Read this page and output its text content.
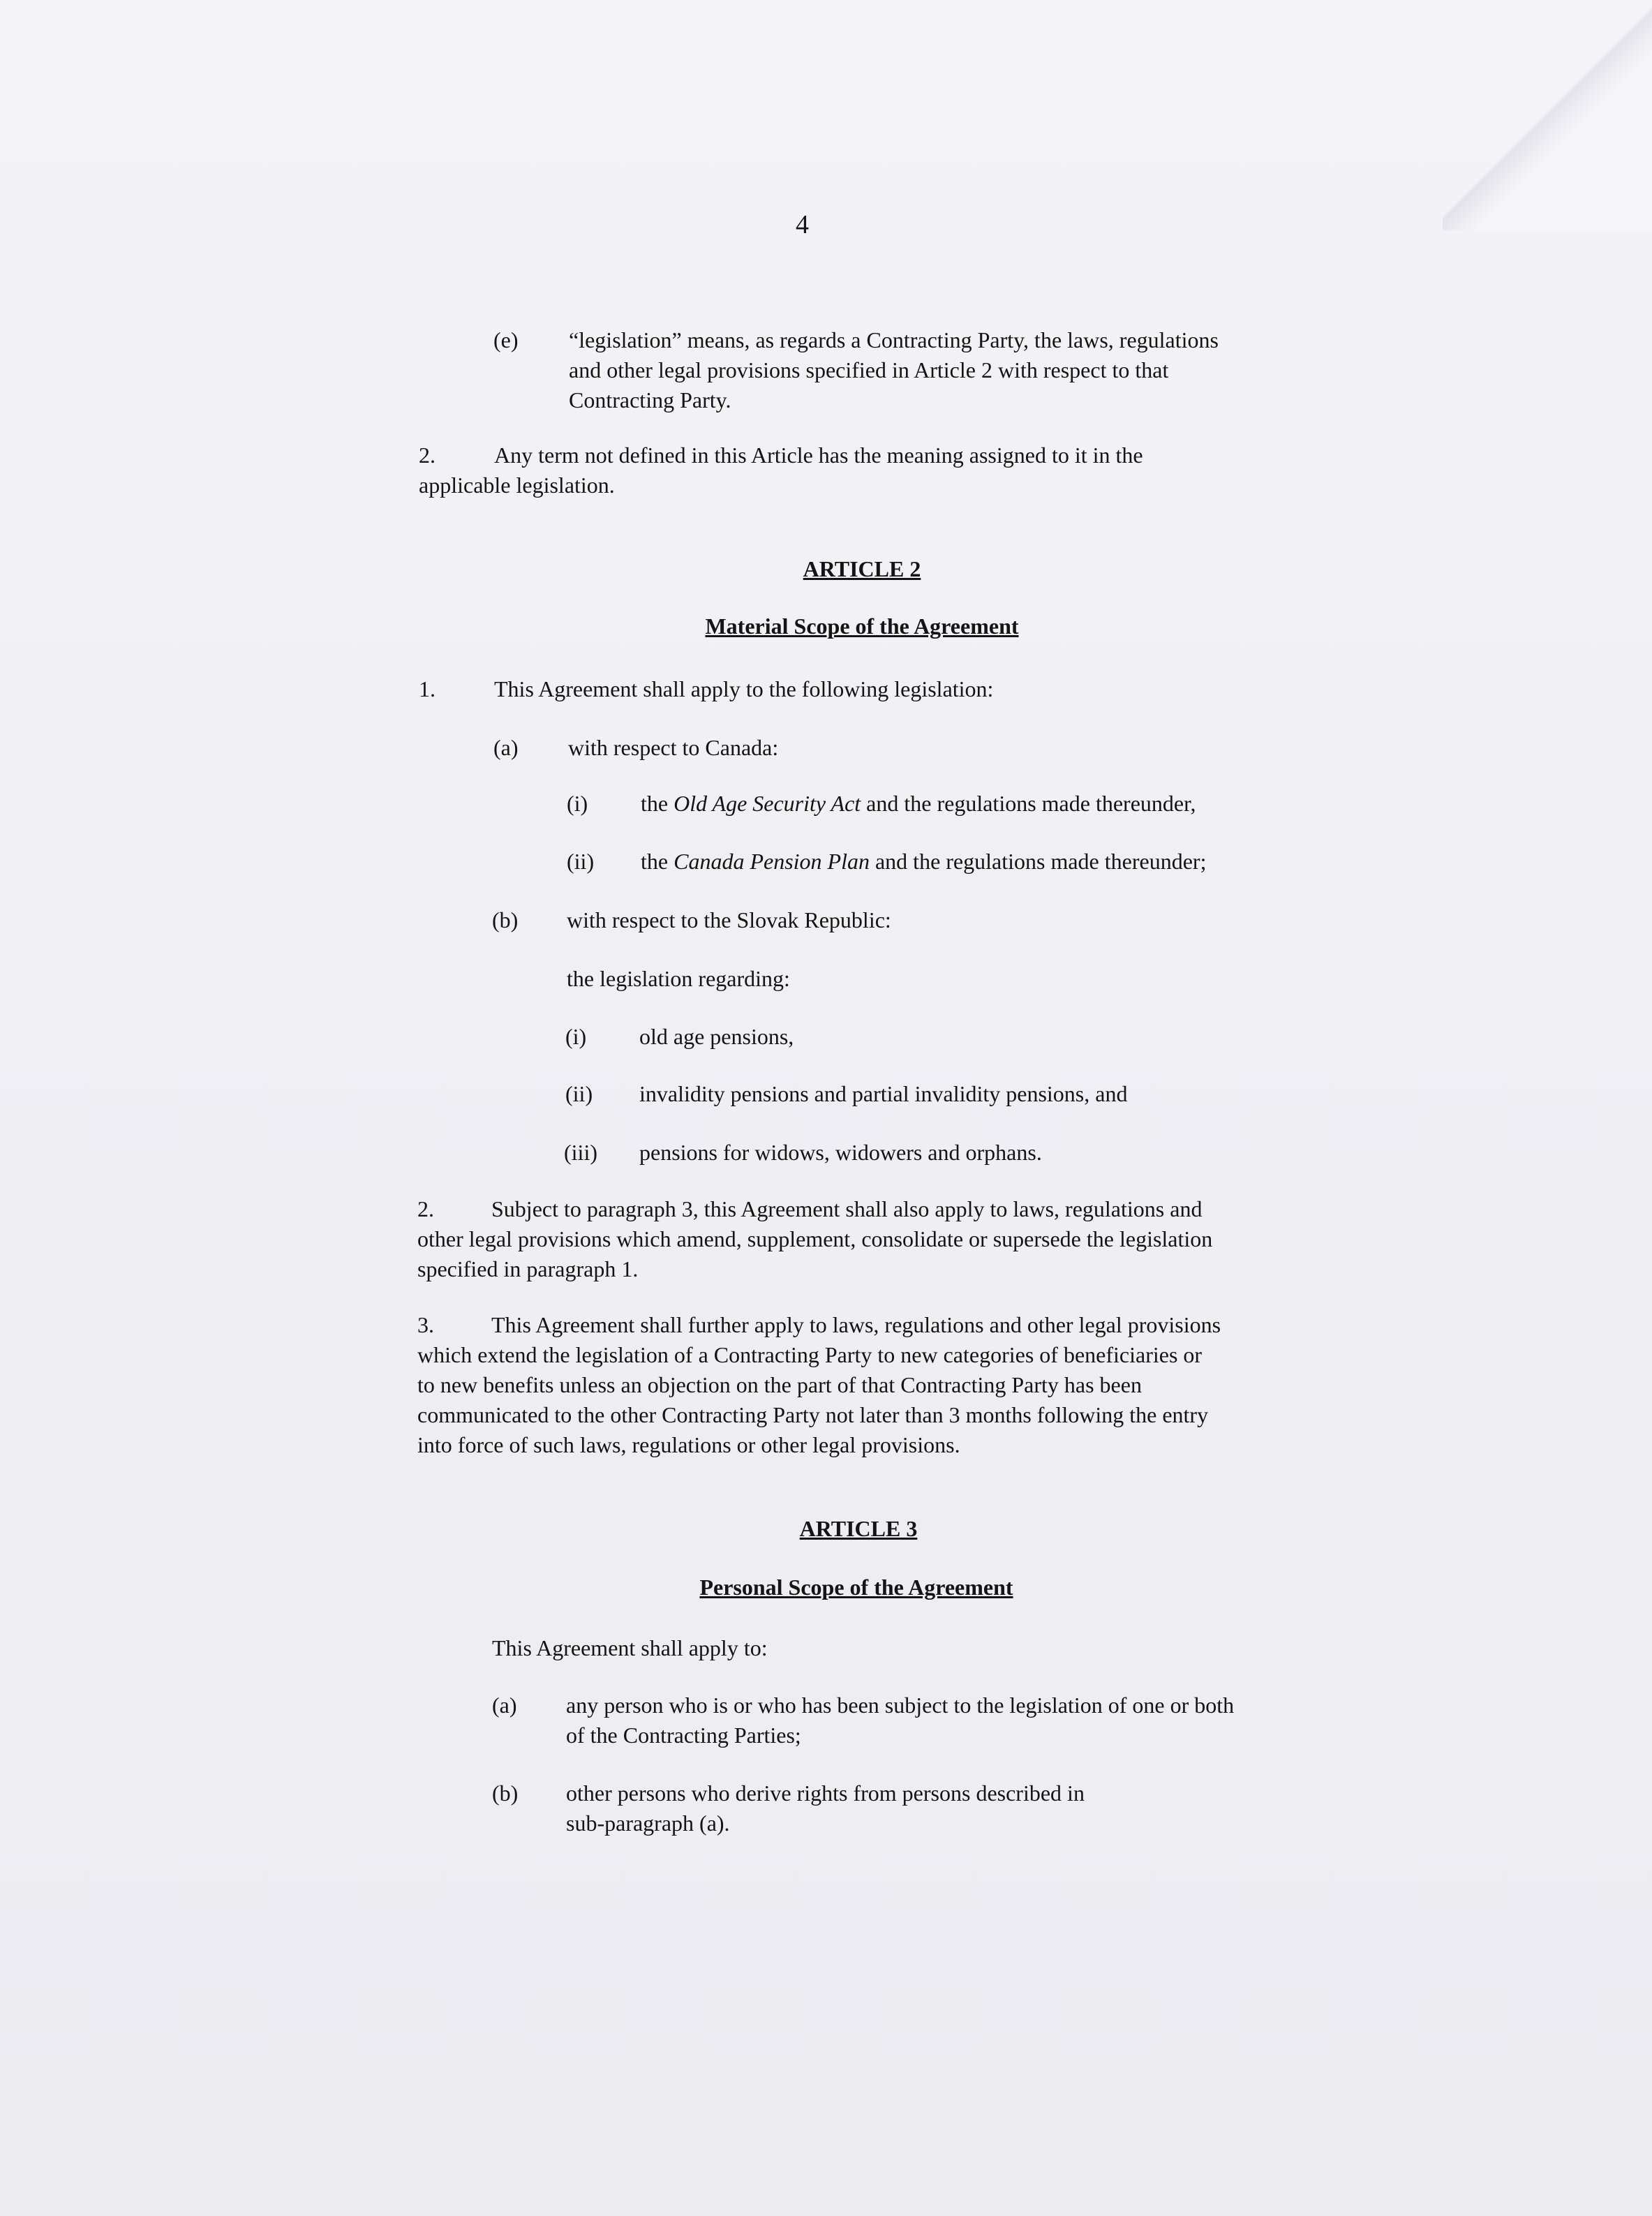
4
(e) “legislation” means, as regards a Contracting Party, the laws, regulations
and other legal provisions specified in Article 2 with respect to that
Contracting Party.
2.	Any term not defined in this Article has the meaning assigned to it in the
applicable legislation.
ARTICLE 2
Material Scope of the Agreement
1.	This Agreement shall apply to the following legislation:
(a) with respect to Canada:
(i) the Old Age Security Act and the regulations made thereunder,
(ii) the Canada Pension Plan and the regulations made thereunder;
(b) with respect to the Slovak Republic:
the legislation regarding:
(i) old age pensions,
(ii) invalidity pensions and partial invalidity pensions, and
(iii) pensions for widows, widowers and orphans.
2.	Subject to paragraph 3, this Agreement shall also apply to laws, regulations and
other legal provisions which amend, supplement, consolidate or supersede the legislation
specified in paragraph 1.
3.	This Agreement shall further apply to laws, regulations and other legal provisions
which extend the legislation of a Contracting Party to new categories of beneficiaries or
to new benefits unless an objection on the part of that Contracting Party has been
communicated to the other Contracting Party not later than 3 months following the entry
into force of such laws, regulations or other legal provisions.
ARTICLE 3
Personal Scope of the Agreement
This Agreement shall apply to:
(a) any person who is or who has been subject to the legislation of one or both
of the Contracting Parties;
(b) other persons who derive rights from persons described in
sub-paragraph (a).
